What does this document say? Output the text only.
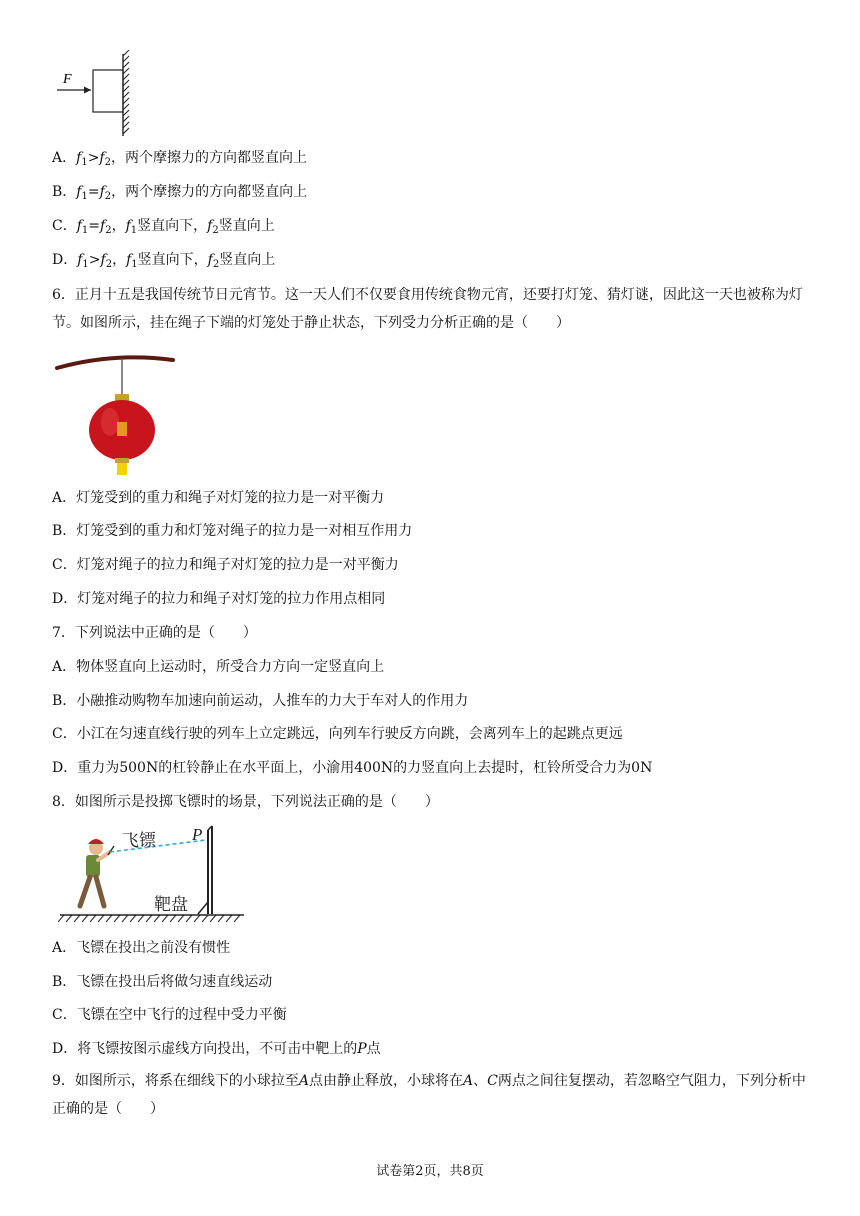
F
A．$f_1>f_2$，两个摩擦力的方向都竖直向上
B．$f_1=f_2$，两个摩擦力的方向都竖直向上
C．$f_1=f_2$，$f_1$竖直向下，$f_2$竖直向上
D．$f_1>f_2$，$f_1$竖直向下，$f_2$竖直向上
6．正月十五是我国传统节日元宵节。这一天人们不仅要食用传统食物元宵，还要打灯笼、猜灯谜，因此这一天也被称为灯节。如图所示，挂在绳子下端的灯笼处于静止状态，下列受力分析正确的是（　　）
A．灯笼受到的重力和绳子对灯笼的拉力是一对平衡力
B．灯笼受到的重力和灯笼对绳子的拉力是一对相互作用力
C．灯笼对绳子的拉力和绳子对灯笼的拉力是一对平衡力
D．灯笼对绳子的拉力和绳子对灯笼的拉力作用点相同
7．下列说法中正确的是（　　）
A．物体竖直向上运动时，所受合力方向一定竖直向上
B．小融推动购物车加速向前运动，人推车的力大于车对人的作用力
C．小江在匀速直线行驶的列车上立定跳远，向列车行驶反方向跳，会离列车上的起跳点更远
D．重力为500N的杠铃静止在水平面上，小渝用400N的力竖直向上去提时，杠铃所受合力为0N
8．如图所示是投掷飞镖时的场景，下列说法正确的是（　　）
飞镖 P
靶盘
A．飞镖在投出之前没有惯性
B．飞镖在投出后将做匀速直线运动
C．飞镖在空中飞行的过程中受力平衡
D．将飞镖按图示虚线方向投出，不可击中靶上的P点
9．如图所示，将系在细线下的小球拉至A点由静止释放，小球将在A、C两点之间往复摆动，若忽略空气阻力，下列分析中正确的是（　　）
试卷第2页，共8页
